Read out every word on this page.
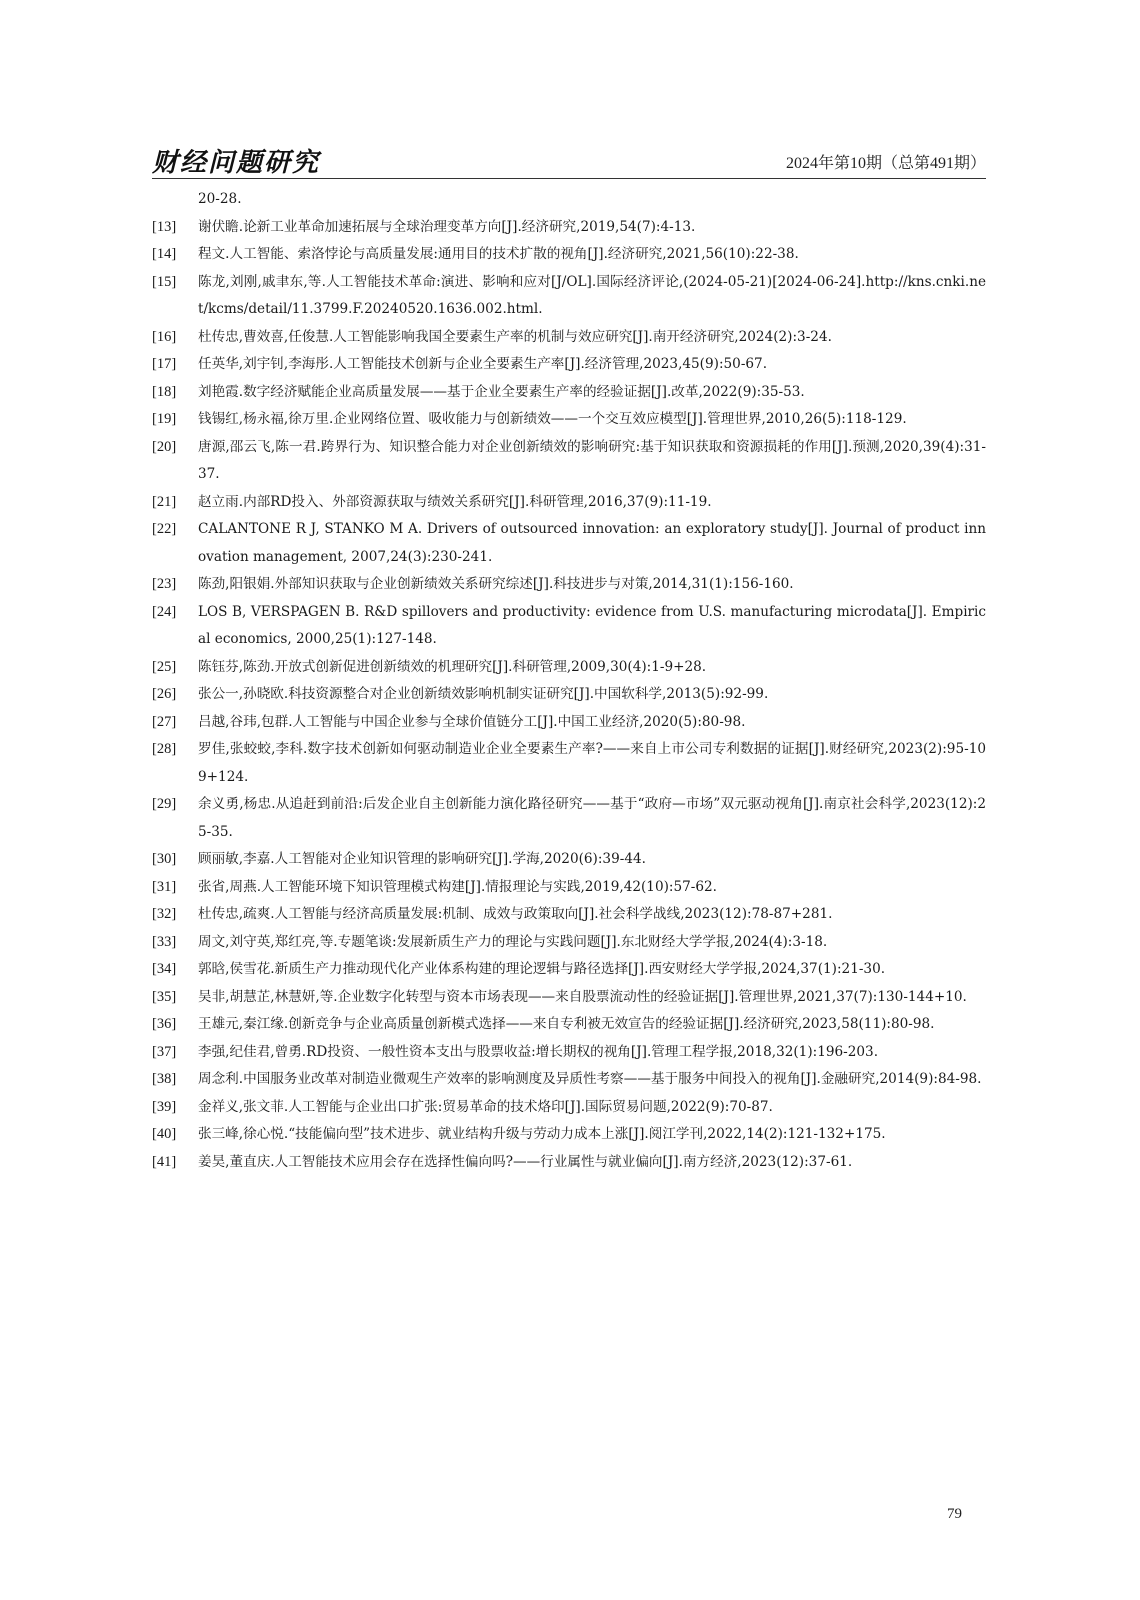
财经问题研究	2024年第10期（总第491期）
20-28.
[13]	谢伏瞻.论新工业革命加速拓展与全球治理变革方向[J].经济研究,2019,54(7):4-13.
[14]	程文.人工智能、索洛悖论与高质量发展:通用目的技术扩散的视角[J].经济研究,2021,56(10):22-38.
[15]	陈龙,刘刚,戚聿东,等.人工智能技术革命:演进、影响和应对[J/OL].国际经济评论,(2024-05-21)[2024-06-24].http://kns.cnki.net/kcms/detail/11.3799.F.20240520.1636.002.html.
[16]	杜传忠,曹效喜,任俊慧.人工智能影响我国全要素生产率的机制与效应研究[J].南开经济研究,2024(2):3-24.
[17]	任英华,刘宇钊,李海彤.人工智能技术创新与企业全要素生产率[J].经济管理,2023,45(9):50-67.
[18]	刘艳霞.数字经济赋能企业高质量发展——基于企业全要素生产率的经验证据[J].改革,2022(9):35-53.
[19]	钱锡红,杨永福,徐万里.企业网络位置、吸收能力与创新绩效——一个交互效应模型[J].管理世界,2010,26(5):118-129.
[20]	唐源,邵云飞,陈一君.跨界行为、知识整合能力对企业创新绩效的影响研究:基于知识获取和资源损耗的作用[J].预测,2020,39(4):31-37.
[21]	赵立雨.内部RD投入、外部资源获取与绩效关系研究[J].科研管理,2016,37(9):11-19.
[22]	CALANTONE R J, STANKO M A. Drivers of outsourced innovation: an exploratory study[J]. Journal of product innovation management, 2007,24(3):230-241.
[23]	陈劲,阳银娟.外部知识获取与企业创新绩效关系研究综述[J].科技进步与对策,2014,31(1):156-160.
[24]	LOS B, VERSPAGEN B. R&D spillovers and productivity: evidence from U.S. manufacturing microdata[J]. Empirical economics, 2000,25(1):127-148.
[25]	陈钰芬,陈劲.开放式创新促进创新绩效的机理研究[J].科研管理,2009,30(4):1-9+28.
[26]	张公一,孙晓欧.科技资源整合对企业创新绩效影响机制实证研究[J].中国软科学,2013(5):92-99.
[27]	吕越,谷玮,包群.人工智能与中国企业参与全球价值链分工[J].中国工业经济,2020(5):80-98.
[28]	罗佳,张蛟蛟,李科.数字技术创新如何驱动制造业企业全要素生产率?——来自上市公司专利数据的证据[J].财经研究,2023(2):95-109+124.
[29]	余义勇,杨忠.从追赶到前沿:后发企业自主创新能力演化路径研究——基于“政府—市场”双元驱动视角[J].南京社会科学,2023(12):25-35.
[30]	顾丽敏,李嘉.人工智能对企业知识管理的影响研究[J].学海,2020(6):39-44.
[31]	张省,周燕.人工智能环境下知识管理模式构建[J].情报理论与实践,2019,42(10):57-62.
[32]	杜传忠,疏爽.人工智能与经济高质量发展:机制、成效与政策取向[J].社会科学战线,2023(12):78-87+281.
[33]	周文,刘守英,郑红亮,等.专题笔谈:发展新质生产力的理论与实践问题[J].东北财经大学学报,2024(4):3-18.
[34]	郭晗,侯雪花.新质生产力推动现代化产业体系构建的理论逻辑与路径选择[J].西安财经大学学报,2024,37(1):21-30.
[35]	吴非,胡慧芷,林慧妍,等.企业数字化转型与资本市场表现——来自股票流动性的经验证据[J].管理世界,2021,37(7):130-144+10.
[36]	王雄元,秦江缘.创新竞争与企业高质量创新模式选择——来自专利被无效宣告的经验证据[J].经济研究,2023,58(11):80-98.
[37]	李强,纪佳君,曾勇.RD投资、一般性资本支出与股票收益:增长期权的视角[J].管理工程学报,2018,32(1):196-203.
[38]	周念利.中国服务业改革对制造业微观生产效率的影响测度及异质性考察——基于服务中间投入的视角[J].金融研究,2014(9):84-98.
[39]	金祥义,张文菲.人工智能与企业出口扩张:贸易革命的技术烙印[J].国际贸易问题,2022(9):70-87.
[40]	张三峰,徐心悦.“技能偏向型”技术进步、就业结构升级与劳动力成本上涨[J].阅江学刊,2022,14(2):121-132+175.
[41]	姜昊,董直庆.人工智能技术应用会存在选择性偏向吗?——行业属性与就业偏向[J].南方经济,2023(12):37-61.
79
